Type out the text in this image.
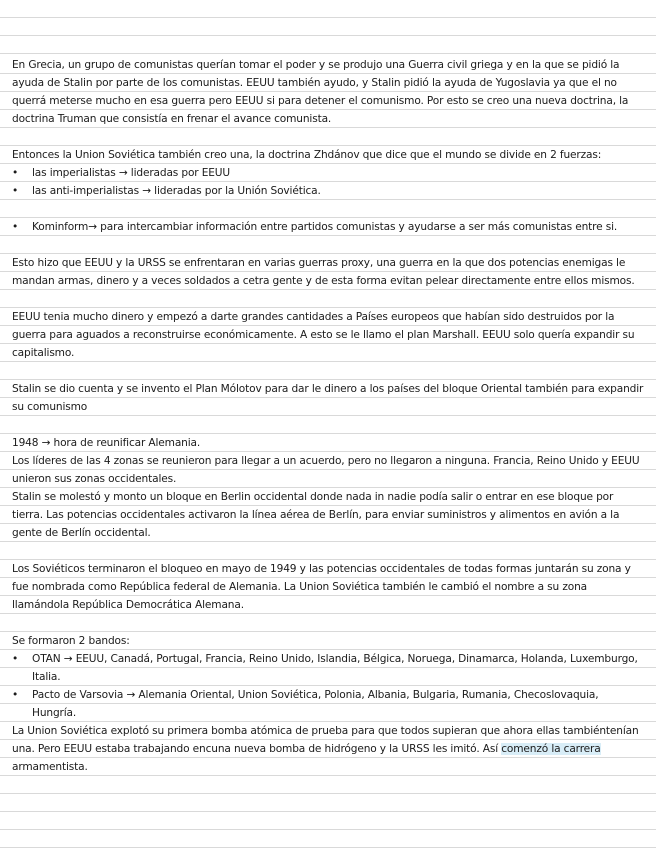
En Grecia, un grupo de comunistas querían tomar el poder y se produjo una Guerra civil griega y en la que se pidió la ayuda de Stalin por parte de los comunistas. EEUU también ayudo, y Stalin pidió la ayuda de Yugoslavia ya que el no querrá meterse mucho en esa guerra pero EEUU si para detener el comunismo. Por esto se creo una nueva doctrina, la doctrina Truman que consistía en frenar el avance comunista.

Entonces la Union Soviética también creo una, la doctrina Zhdánov que dice que el mundo se divide en 2 fuerzas:

• las imperialistas → lideradas por EEUU
• las anti-imperialistas → lideradas por la Unión Soviética.
• Kominform→ para intercambiar información entre partidos comunistas y ayudarse a ser más comunistas entre si.

Esto hizo que EEUU y la URSS se enfrentaran en varias guerras proxy, una guerra en la que dos potencias enemigas le mandan armas, dinero y a veces soldados a cetra gente y de esta forma evitan pelear directamente entre ellos mismos.

EEUU tenia mucho dinero y empezó a darte grandes cantidades a Países europeos que habían sido destruidos por la guerra para aguados a reconstruirse económicamente. A esto se le llamo el plan Marshall. EEUU solo quería expandir su capitalismo.

Stalin se dio cuenta y se invento el Plan Mólotov para dar le dinero a los países del bloque Oriental también para expandir su comunismo

1948 → hora de reunificar Alemania.

Los líderes de las 4 zonas se reunieron para llegar a un acuerdo, pero no llegaron a ninguna. Francia, Reino Unido y EEUU unieron sus zonas occidentales.

Stalin se molestó y monto un bloque en Berlin occidental donde nada in nadie podía salir o entrar en ese bloque por tierra. Las potencias occidentales activaron la línea aérea de Berlín, para enviar suministros y alimentos en avión a la gente de Berlín occidental.

Los Soviéticos terminaron el bloqueo en mayo de 1949 y las potencias occidentales de todas formas juntarán su zona y fue nombrada como República federal de Alemania. La Union Soviética también le cambió el nombre a su zona llamándola República Democrática Alemana.

Se formaron 2 bandos:

• OTAN → EEUU, Canadá, Portugal, Francia, Reino Unido, Islandia, Bélgica, Noruega, Dinamarca, Holanda, Luxemburgo, Italia.
• Pacto de Varsovia → Alemania Oriental, Union Soviética, Polonia, Albania, Bulgaria, Rumania, Checoslovaquia, Hungría.

La Union Soviética explotó su primera bomba atómica de prueba para que todos supieran que ahora ellas tambiéntenían una. Pero EEUU estaba trabajando encuna nueva bomba de hidrógeno y la URSS les imitó. Así comenzó la carrera armamentista.
